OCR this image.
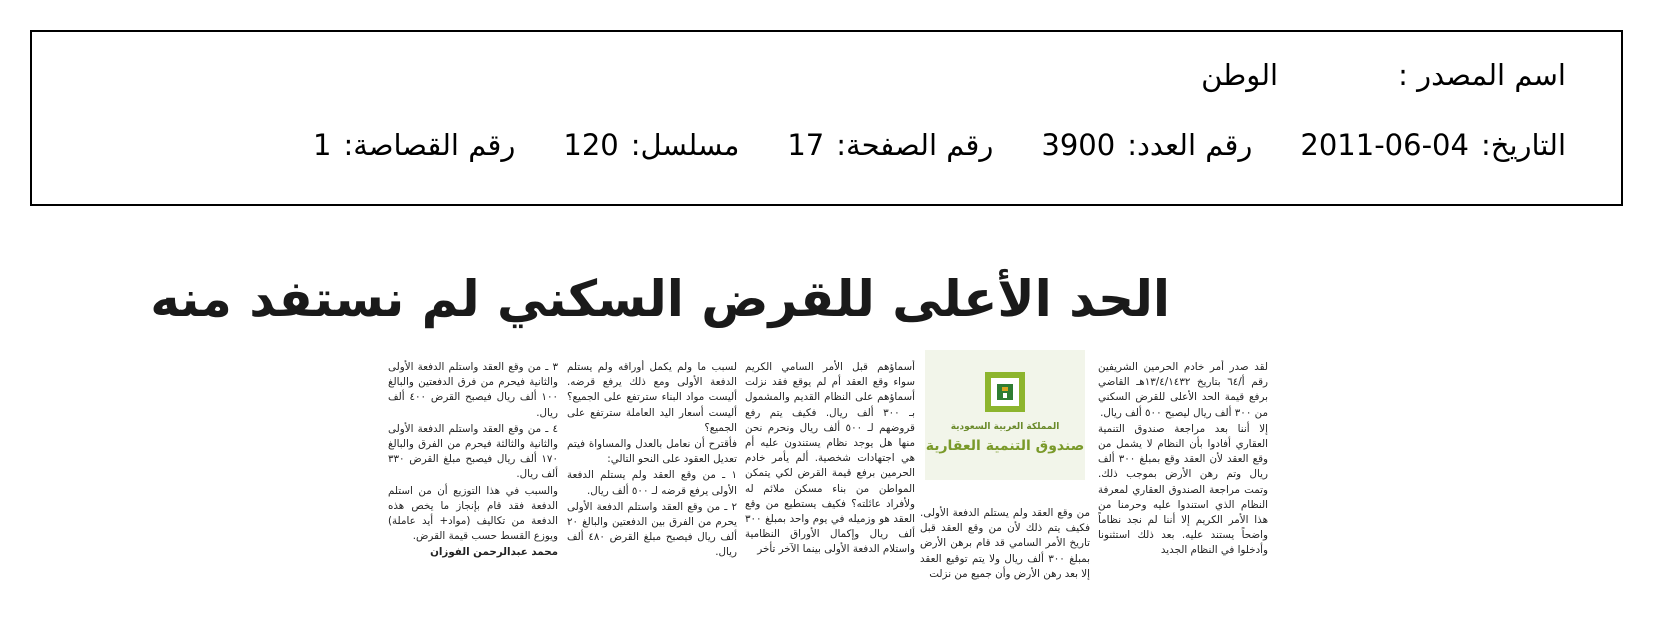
اسم المصدر :الوطن
التاريخ:2011-06-04رقم العدد:3900رقم الصفحة:17مسلسل:120رقم القصاصة:1
الحد الأعلى للقرض السكني لم نستفد منه
المملكة العربية السعودية
صندوق التنمية العقارية

لقد صدر أمر خادم الحرمين الشريفين رقم أ/٦٤ بتاريخ ١٣/٤/١٤٣٢هـ القاضي برفع قيمة الحد الأعلى للقرض السكني من ٣٠٠ ألف ريال ليصبح ٥٠٠ ألف ريال.

إلا أننا بعد مراجعة صندوق التنمية العقاري أفادوا بأن النظام لا يشمل من وقع العقد لأن العقد وقع بمبلغ ٣٠٠ ألف ريال وتم رهن الأرض بموجب ذلك. وتمت مراجعة الصندوق العقاري لمعرفة النظام الذي استندوا عليه وحرمنا من هذا الأمر الكريم إلا أننا لم نجد نظاماً واضحاً يستند عليه. بعد ذلك استثنونا وأدخلوا في النظام الجديد

من وقع العقد ولم يستلم الدفعة الأولى. فكيف يتم ذلك لأن من وقع العقد قبل تاريخ الأمر السامي قد قام برهن الأرض بمبلغ ٣٠٠ ألف ريال ولا يتم توقيع العقد إلا بعد رهن الأرض وأن جميع من نزلت

أسماؤهم قبل الأمر السامي الكريم سواء وقع العقد أم لم يوقع فقد نزلت أسماؤهم على النظام القديم والمشمول بـ ٣٠٠ ألف ريال. فكيف يتم رفع قروضهم لـ ٥٠٠ ألف ريال ونحرم نحن منها هل يوجد نظام يستندون عليه أم هي اجتهادات شخصية. ألم يأمر خادم الحرمين برفع قيمة القرض لكي يتمكن المواطن من بناء مسكن ملائم له ولأفراد عائلته؟ فكيف يستطيع من وقع العقد هو وزميله في يوم واحد بمبلغ ٣٠٠ ألف ريال وإكمال الأوراق النظامية واستلام الدفعة الأولى بينما الآخر تأخر

لسبب ما ولم يكمل أوراقه ولم يستلم الدفعة الأولى ومع ذلك يرفع قرضه. أليست مواد البناء سترتفع على الجميع؟ أليست أسعار اليد العاملة سترتفع على الجميع؟

فأقترح أن نعامل بالعدل والمساواة فيتم تعديل العقود على النحو التالي:

١ ـ من وقع العقد ولم يستلم الدفعة الأولى يرفع قرضه لـ ٥٠٠ ألف ريال.

٢ ـ من وقع العقد واستلم الدفعة الأولى يحرم من الفرق بين الدفعتين والبالغ ٢٠ ألف ريال فيصبح مبلغ القرض ٤٨٠ ألف ريال.

٣ ـ من وقع العقد واستلم الدفعة الأولى والثانية فيحرم من فرق الدفعتين والبالغ ١٠٠ ألف ريال فيصبح القرض ٤٠٠ ألف ريال.

٤ ـ من وقع العقد واستلم الدفعة الأولى والثانية والثالثة فيحرم من الفرق والبالغ ١٧٠ ألف ريال فيصبح مبلغ القرض ٣٣٠ ألف ريال.

والسبب في هذا التوزيع أن من استلم الدفعة فقد قام بإنجاز ما يخص هذه الدفعة من تكاليف (مواد+ أيد عاملة) ويوزع القسط حسب قيمة القرض.

محمد عبدالرحمن الفوزان
